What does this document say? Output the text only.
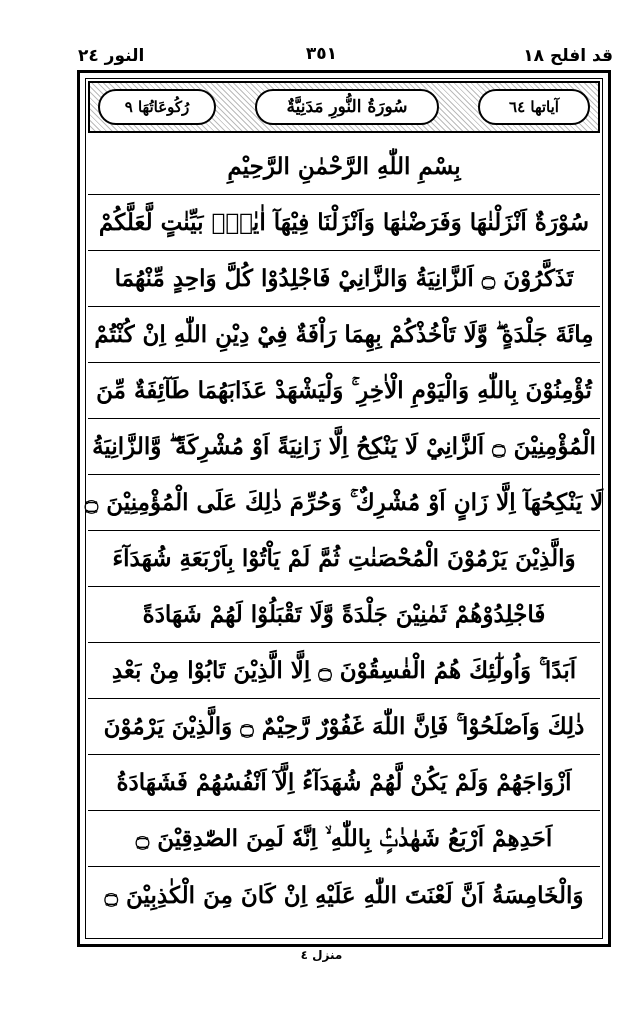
قد افلح ١٨
٣٥١
النور ٢٤
آياتها ٦٤
سُورَةُ النُّورِ مَدَنِيَّةٌ
رُكُوعَاتُهَا ٩
بِسْمِ اللّٰهِ الرَّحْمٰنِ الرَّحِيْمِ
سُوْرَةٌ اَنْزَلْنٰهَا وَفَرَضْنٰهَا وَاَنْزَلْنَا فِيْهَآ اٰيٰتٍۢ بَيِّنٰتٍ لَّعَلَّكُمْ
تَذَكَّرُوْنَ ۝ اَلزَّانِيَةُ وَالزَّانِيْ فَاجْلِدُوْا كُلَّ وَاحِدٍ مِّنْهُمَا
مِائَةَ جَلْدَةٍ ۖ وَّلَا تَاْخُذْكُمْ بِهِمَا رَاْفَةٌ فِيْ دِيْنِ اللّٰهِ اِنْ كُنْتُمْ
تُؤْمِنُوْنَ بِاللّٰهِ وَالْيَوْمِ الْاٰخِرِ ۚ وَلْيَشْهَدْ عَذَابَهُمَا طَآئِفَةٌ مِّنَ
الْمُؤْمِنِيْنَ ۝ اَلزَّانِيْ لَا يَنْكِحُ اِلَّا زَانِيَةً اَوْ مُشْرِكَةً ۖ وَّالزَّانِيَةُ
لَا يَنْكِحُهَآ اِلَّا زَانٍ اَوْ مُشْرِكٌ ۚ وَحُرِّمَ ذٰلِكَ عَلَى الْمُؤْمِنِيْنَ ۝
وَالَّذِيْنَ يَرْمُوْنَ الْمُحْصَنٰتِ ثُمَّ لَمْ يَاْتُوْا بِاَرْبَعَةِ شُهَدَآءَ
فَاجْلِدُوْهُمْ ثَمٰنِيْنَ جَلْدَةً وَّلَا تَقْبَلُوْا لَهُمْ شَهَادَةً
اَبَدًا ۚ وَاُولٰٓئِكَ هُمُ الْفٰسِقُوْنَ ۝ اِلَّا الَّذِيْنَ تَابُوْا مِنْ بَعْدِ
ذٰلِكَ وَاَصْلَحُوْا ۚ فَاِنَّ اللّٰهَ غَفُوْرٌ رَّحِيْمٌ ۝ وَالَّذِيْنَ يَرْمُوْنَ
اَزْوَاجَهُمْ وَلَمْ يَكُنْ لَّهُمْ شُهَدَآءُ اِلَّآ اَنْفُسُهُمْ فَشَهَادَةُ
اَحَدِهِمْ اَرْبَعُ شَهٰدٰتٍۢ بِاللّٰهِ ۙ اِنَّهٗ لَمِنَ الصّٰدِقِيْنَ ۝
وَالْخَامِسَةُ اَنَّ لَعْنَتَ اللّٰهِ عَلَيْهِ اِنْ كَانَ مِنَ الْكٰذِبِيْنَ ۝
منزل ٤
